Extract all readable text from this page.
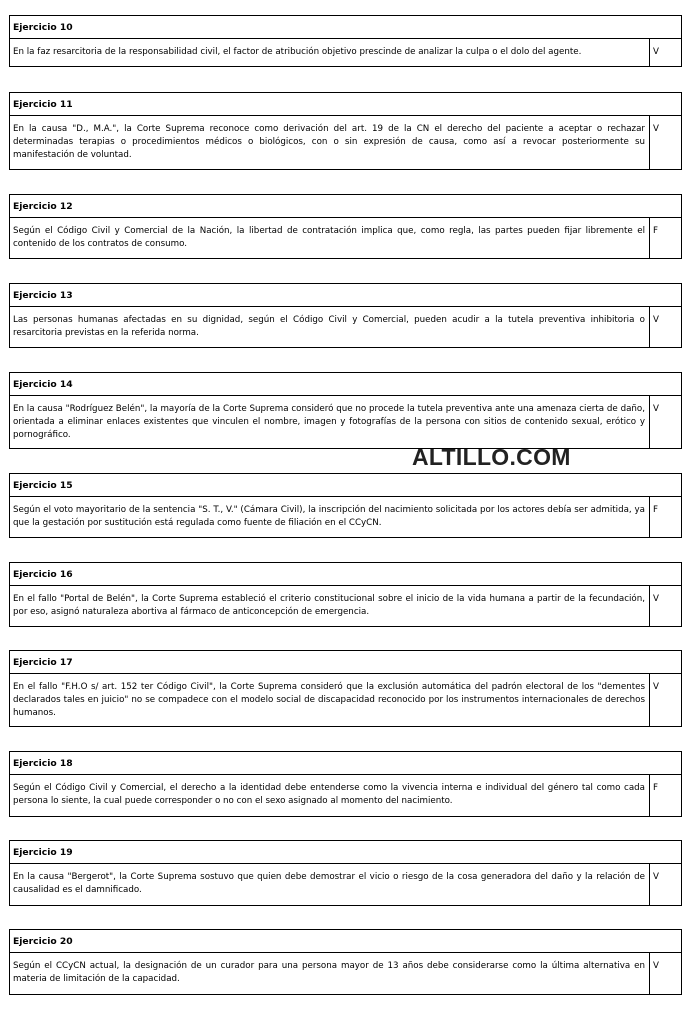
Ejercicio 10
En la faz resarcitoria de la responsabilidad civil, el factor de atribución objetivo prescinde de analizar la culpa o el dolo del agente.	V
Ejercicio 11
En la causa "D., M.A.", la Corte Suprema reconoce como derivación del art. 19 de la CN el derecho del paciente a aceptar o rechazar determinadas terapias o procedimientos médicos o biológicos, con o sin expresión de causa, como así a revocar posteriormente su manifestación de voluntad.
V
Ejercicio 12
Según el Código Civil y Comercial de la Nación, la libertad de contratación implica que, como regla, las partes pueden fijar libremente el contenido de los contratos de consumo.
F
Ejercicio 13
Las personas humanas afectadas en su dignidad, según el Código Civil y Comercial, pueden acudir a la tutela preventiva inhibitoria o resarcitoria previstas en la referida norma.
V
Ejercicio 14
En la causa "Rodríguez Belén", la mayoría de la Corte Suprema consideró que no procede la tutela preventiva ante una amenaza cierta de daño, orientada a eliminar enlaces existentes que vinculen el nombre, imagen y fotografías de la persona con sitios de contenido sexual, erótico y pornográfico.
V
Ejercicio 15
Según el voto mayoritario de la sentencia "S. T., V." (Cámara Civil), la inscripción del nacimiento solicitada por los actores debía ser admitida, ya que la gestación por sustitución está regulada como fuente de filiación en el CCyCN.
F
Ejercicio 16
En el fallo "Portal de Belén", la Corte Suprema estableció el criterio constitucional sobre el inicio de la vida humana a partir de la fecundación, por eso, asignó naturaleza abortiva al fármaco de anticoncepción de emergencia.
V
Ejercicio 17
En el fallo "F.H.O s/ art. 152 ter Código Civil", la Corte Suprema consideró que la exclusión automática del padrón electoral de los "dementes declarados tales en juicio" no se compadece con el modelo social de discapacidad reconocido por los instrumentos internacionales de derechos humanos.
V
Ejercicio 18
Según el Código Civil y Comercial, el derecho a la identidad debe entenderse como la vivencia interna e individual del género tal como cada persona lo siente, la cual puede corresponder o no con el sexo asignado al momento del nacimiento.
F
Ejercicio 19
En la causa "Bergerot", la Corte Suprema sostuvo que quien debe demostrar el vicio o riesgo de la cosa generadora del daño y la relación de causalidad es el damnificado.
V
Ejercicio 20
Según el CCyCN actual, la designación de un curador para una persona mayor de 13 años debe considerarse como la última alternativa en materia de limitación de la capacidad.
V
ALTILLO.COM
